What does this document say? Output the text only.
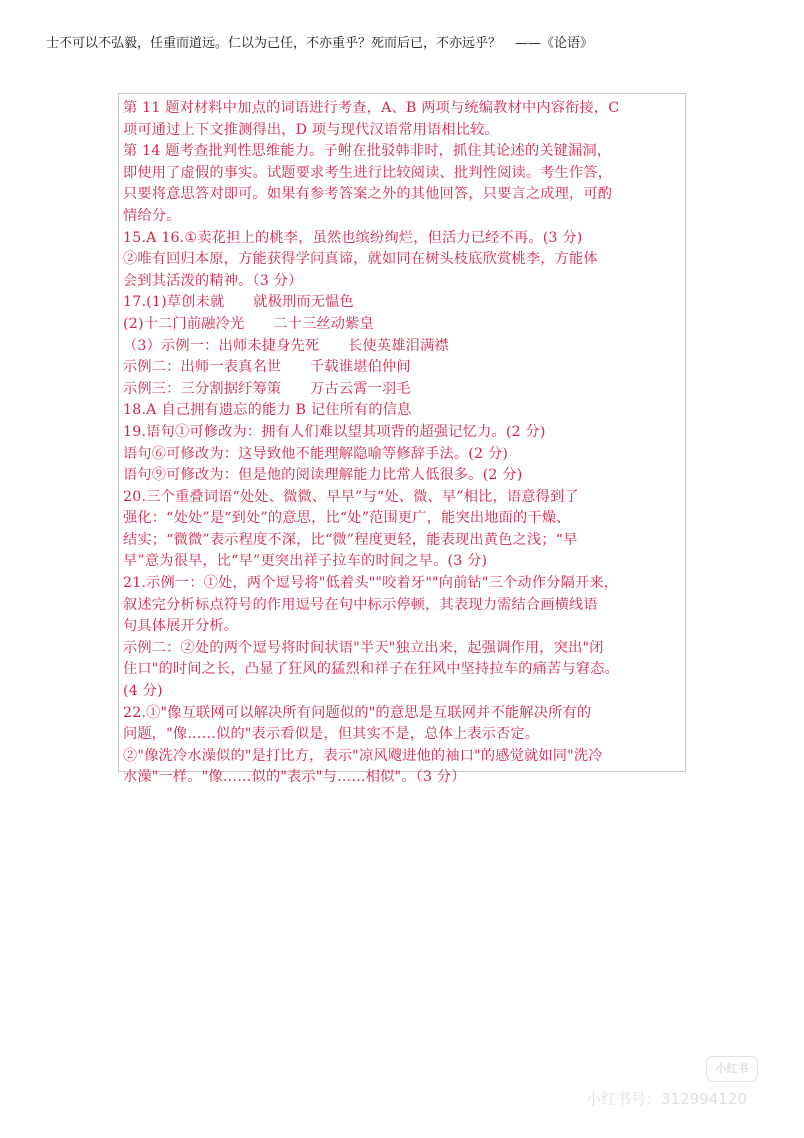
士不可以不弘毅，任重而道远。仁以为己任，不亦重乎？死而后已，不亦远乎？ ——《论语》
第 11 题对材料中加点的词语进行考查，A、B 两项与统编教材中内容衔接，C
项可通过上下文推测得出，D 项与现代汉语常用语相比较。
第 14 题考查批判性思维能力。子鲋在批驳韩非时，抓住其论述的关键漏洞，
即使用了虚假的事实。试题要求考生进行比较阅读、批判性阅读。考生作答，
只要将意思答对即可。如果有参考答案之外的其他回答，只要言之成理，可酌
情给分。
15.A 16.①卖花担上的桃李，虽然也缤纷绚烂，但活力已经不再。(3 分)
②唯有回归本原，方能获得学问真谛，就如同在树头枝底欣赏桃李，方能体
会到其活泼的精神。（3 分）
17.(1)草创未就　　就极刑而无愠色
(2)十二门前融冷光　　二十三丝动紫皇
（3）示例一：出师未捷身先死　　长使英雄泪满襟
示例二：出师一表真名世　　千载谁堪伯仲间
示例三：三分割据纡筹策　　万古云霄一羽毛
18.A 自己拥有遗忘的能力 B 记住所有的信息
19.语句①可修改为：拥有人们难以望其项背的超强记忆力。(2 分)
语句⑥可修改为：这导致他不能理解隐喻等修辞手法。(2 分)
语句⑨可修改为：但是他的阅读理解能力比常人低很多。(2 分)
20.三个重叠词语“处处、微微、早早”与“处、微、早”相比，语意得到了
强化：“处处”是“到处”的意思，比“处”范围更广，能突出地面的干燥、
结实；“微微”表示程度不深，比“微”程度更轻，能表现出黄色之浅；“早
早”意为很早，比“早”更突出祥子拉车的时间之早。(3 分)
21.示例一：①处，两个逗号将"低着头""咬着牙""向前钻"三个动作分隔开来，
叙述完分析标点符号的作用逗号在句中标示停顿，其表现力需结合画横线语
句具体展开分析。
示例二：②处的两个逗号将时间状语"半天"独立出来，起强调作用，突出"闭
住口"的时间之长，凸显了狂风的猛烈和祥子在狂风中坚持拉车的痛苦与窘态。
(4 分)
22.①"像互联网可以解决所有问题似的"的意思是互联网并不能解决所有的
问题，"像……似的"表示看似是，但其实不是，总体上表示否定。
②"像洗冷水澡似的"是打比方，表示"凉风飕进他的袖口"的感觉就如同"洗冷
水澡"一样。"像……似的"表示"与……相似"。（3 分）
小红书
小红书号：312994120
